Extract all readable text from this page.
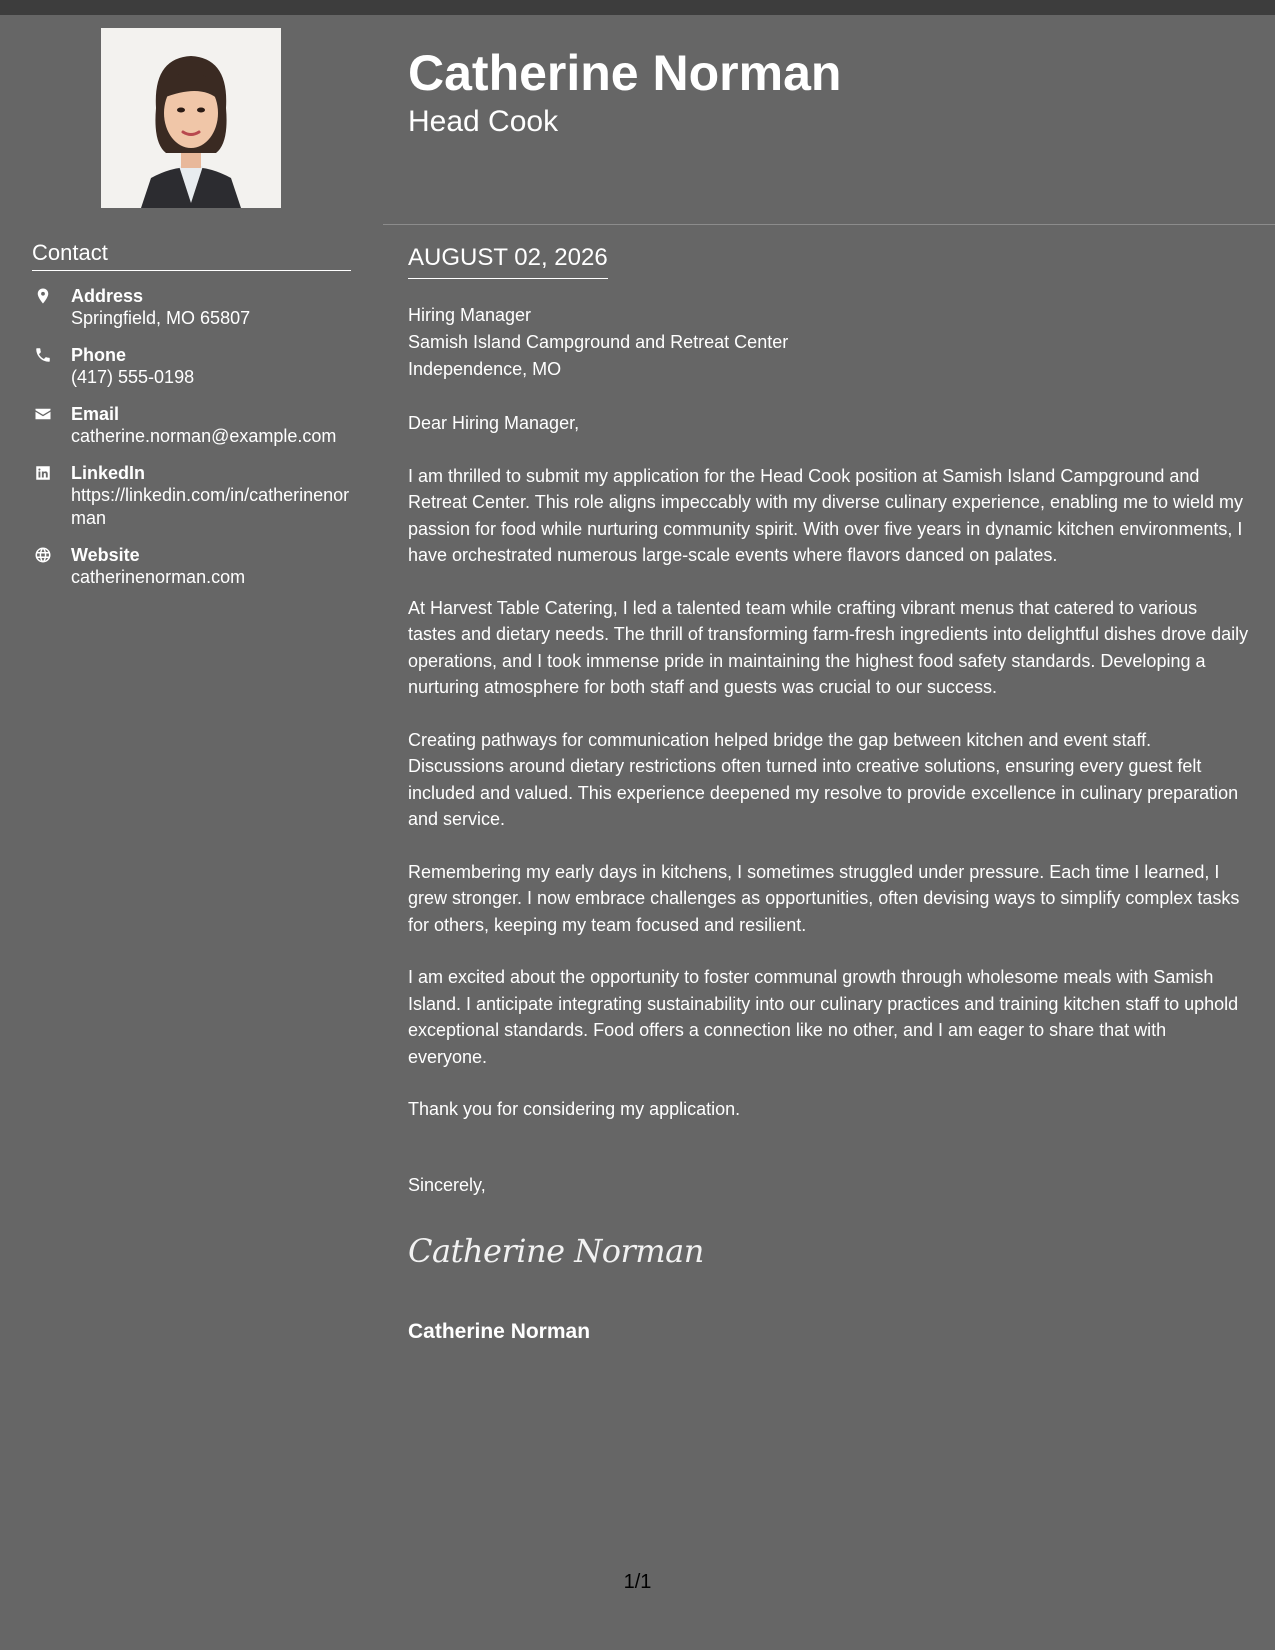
Contact
Address
Springfield, MO 65807
Phone
(417) 555-0198
Email
catherine.norman@example.com
LinkedIn
https://linkedin.com/in/catherinenorman
Website
catherinenorman.com
Catherine Norman
Head Cook
AUGUST 02, 2026
Hiring Manager
Samish Island Campground and Retreat Center
Independence, MO

Dear Hiring Manager,

I am thrilled to submit my application for the Head Cook position at Samish Island Campground and Retreat Center. This role aligns impeccably with my diverse culinary experience, enabling me to wield my passion for food while nurturing community spirit. With over five years in dynamic kitchen environments, I have orchestrated numerous large-scale events where flavors danced on palates.

At Harvest Table Catering, I led a talented team while crafting vibrant menus that catered to various tastes and dietary needs. The thrill of transforming farm-fresh ingredients into delightful dishes drove daily operations, and I took immense pride in maintaining the highest food safety standards. Developing a nurturing atmosphere for both staff and guests was crucial to our success.

Creating pathways for communication helped bridge the gap between kitchen and event staff. Discussions around dietary restrictions often turned into creative solutions, ensuring every guest felt included and valued. This experience deepened my resolve to provide excellence in culinary preparation and service.

Remembering my early days in kitchens, I sometimes struggled under pressure. Each time I learned, I grew stronger. I now embrace challenges as opportunities, often devising ways to simplify complex tasks for others, keeping my team focused and resilient.

I am excited about the opportunity to foster communal growth through wholesome meals with Samish Island. I anticipate integrating sustainability into our culinary practices and training kitchen staff to uphold exceptional standards. Food offers a connection like no other, and I am eager to share that with everyone.

Thank you for considering my application.

Sincerely,
Catherine Norman
Catherine Norman
1/1
